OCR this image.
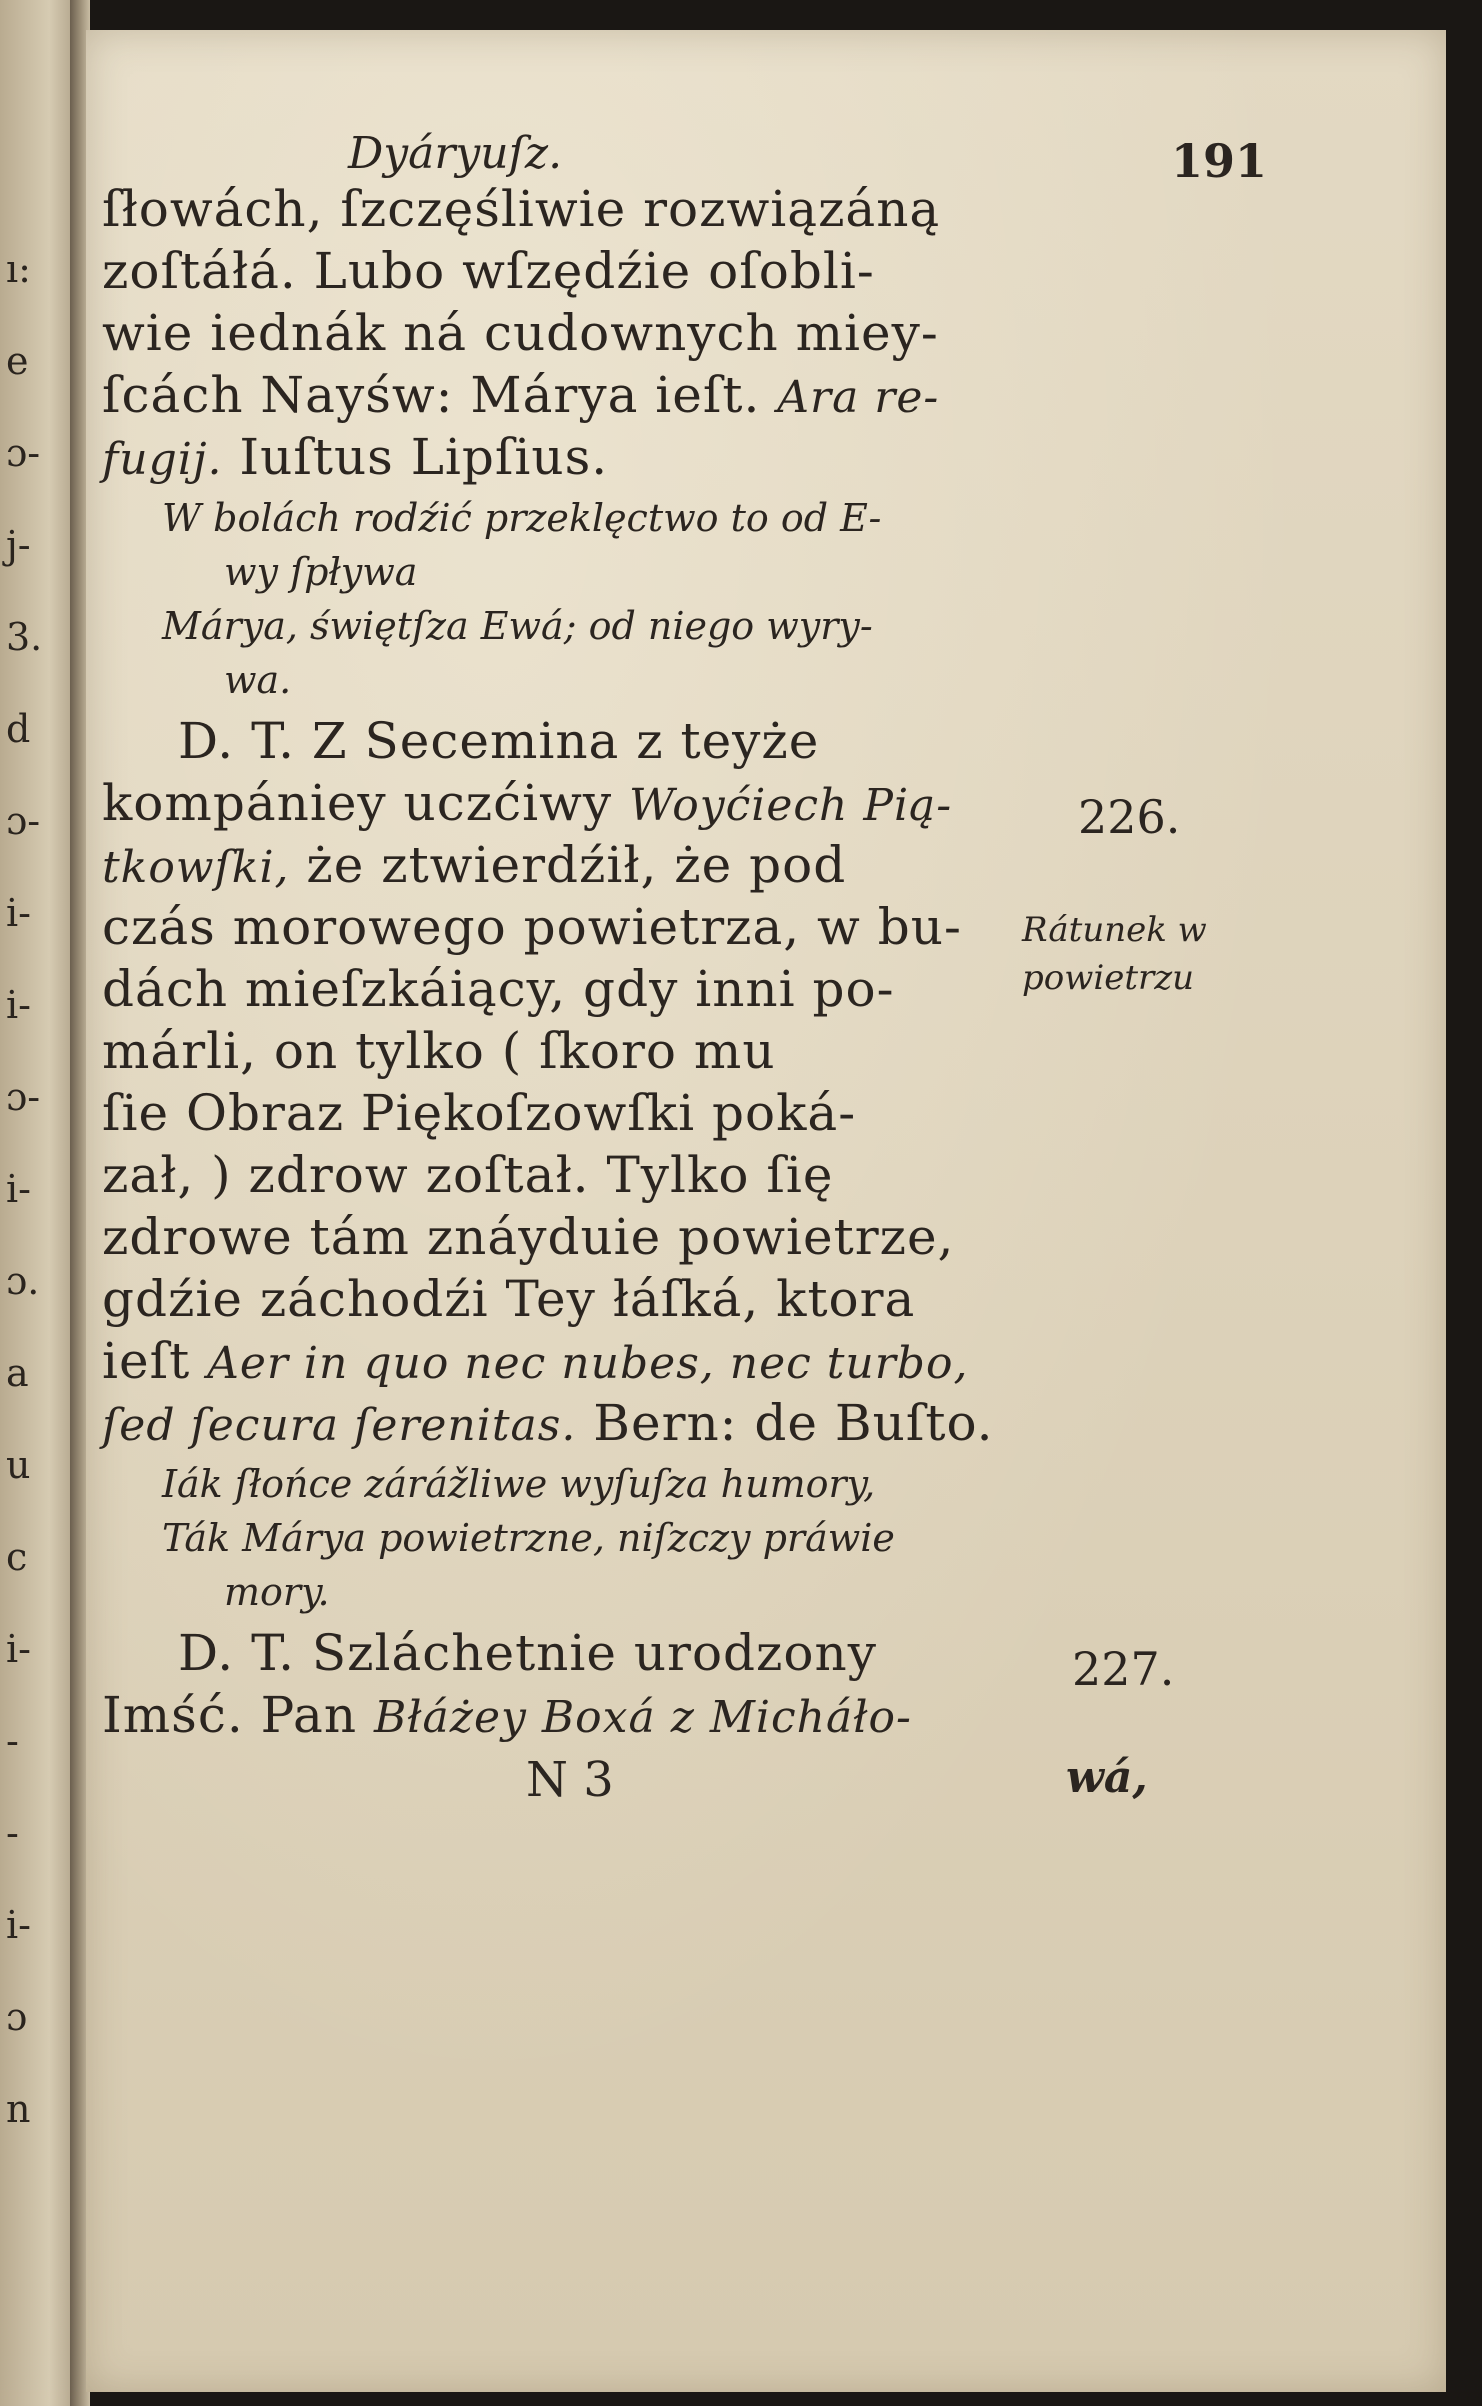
ı:
e
ɔ-
j-
3.
d
ɔ-
i-
i-
ɔ-
i-
ɔ.
a
u
c
i-
-
-
i-
ɔ
n
Dyáryuſz.	191
ſłowách, ſzczęśliwie rozwiązáną
zoſtáłá. Lubo wſzędźie oſobli-
wie iednák ná cudownych miey-
ſcách Nayśw: Márya ieſt. Ara re-
fugij. Iuſtus Lipſius.
W bolách rodźić przeklęctwo to od E-
wy ſpływa
Márya, świętſza Ewá; od niego wyry-
wa.
D. T. Z Secemina z teyże
kompániey uczćiwy Woyćiech Pią-
tkowſki, że ztwierdźił, że pod
czás morowego powietrza, w bu-
dách mieſzkáiący, gdy inni po-
márli, on tylko ( ſkoro mu
ſie Obraz Piękoſzowſki poká-
zał, ) zdrow zoſtał. Tylko ſię
zdrowe tám znáyduie powietrze,
gdźie záchodźi Tey łáſká, ktora
ieſt Aer in quo nec nubes, nec turbo,
ſed ſecura ſerenitas. Bern: de Buſto.
Iák ſłońce zárážliwe wyſuſza humory,
Ták Márya powietrzne, niſzczy práwie
mory.
D. T. Szláchetnie urodzony
Imść. Pan Błáżey Boxá z Micháło-
226.
Rátunek w
powietrzu
227.
N 3	wá,
